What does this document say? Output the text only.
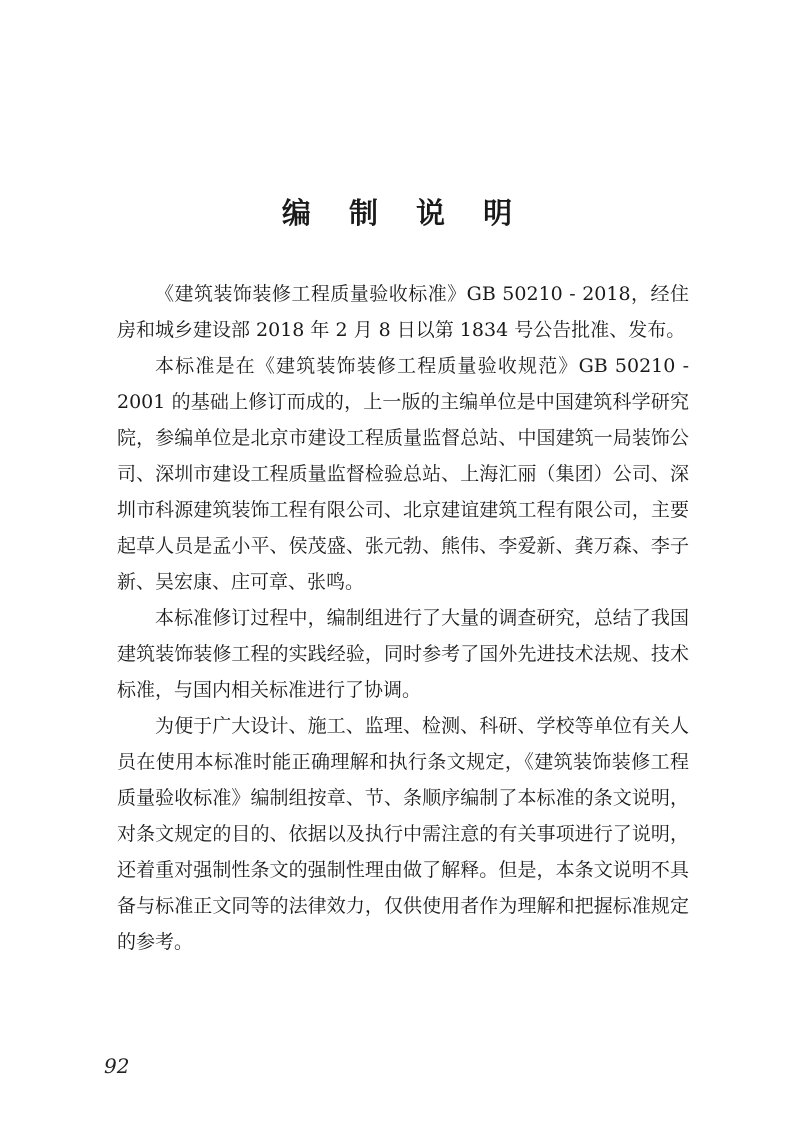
编 制 说 明

《建筑装饰装修工程质量验收标准》GB 50210 - 2018，经住房和城乡建设部 2018 年 2 月 8 日以第 1834 号公告批准、发布。

本标准是在《建筑装饰装修工程质量验收规范》GB 50210 - 2001 的基础上修订而成的，上一版的主编单位是中国建筑科学研究院，参编单位是北京市建设工程质量监督总站、中国建筑一局装饰公司、深圳市建设工程质量监督检验总站、上海汇丽（集团）公司、深圳市科源建筑装饰工程有限公司、北京建谊建筑工程有限公司，主要起草人员是孟小平、侯茂盛、张元勃、熊伟、李爱新、龚万森、李子新、吴宏康、庄可章、张鸣。

本标准修订过程中，编制组进行了大量的调查研究，总结了我国建筑装饰装修工程的实践经验，同时参考了国外先进技术法规、技术标准，与国内相关标准进行了协调。

为便于广大设计、施工、监理、检测、科研、学校等单位有关人员在使用本标准时能正确理解和执行条文规定，《建筑装饰装修工程质量验收标准》编制组按章、节、条顺序编制了本标准的条文说明，对条文规定的目的、依据以及执行中需注意的有关事项进行了说明，还着重对强制性条文的强制性理由做了解释。但是，本条文说明不具备与标准正文同等的法律效力，仅供使用者作为理解和把握标准规定的参考。

92
